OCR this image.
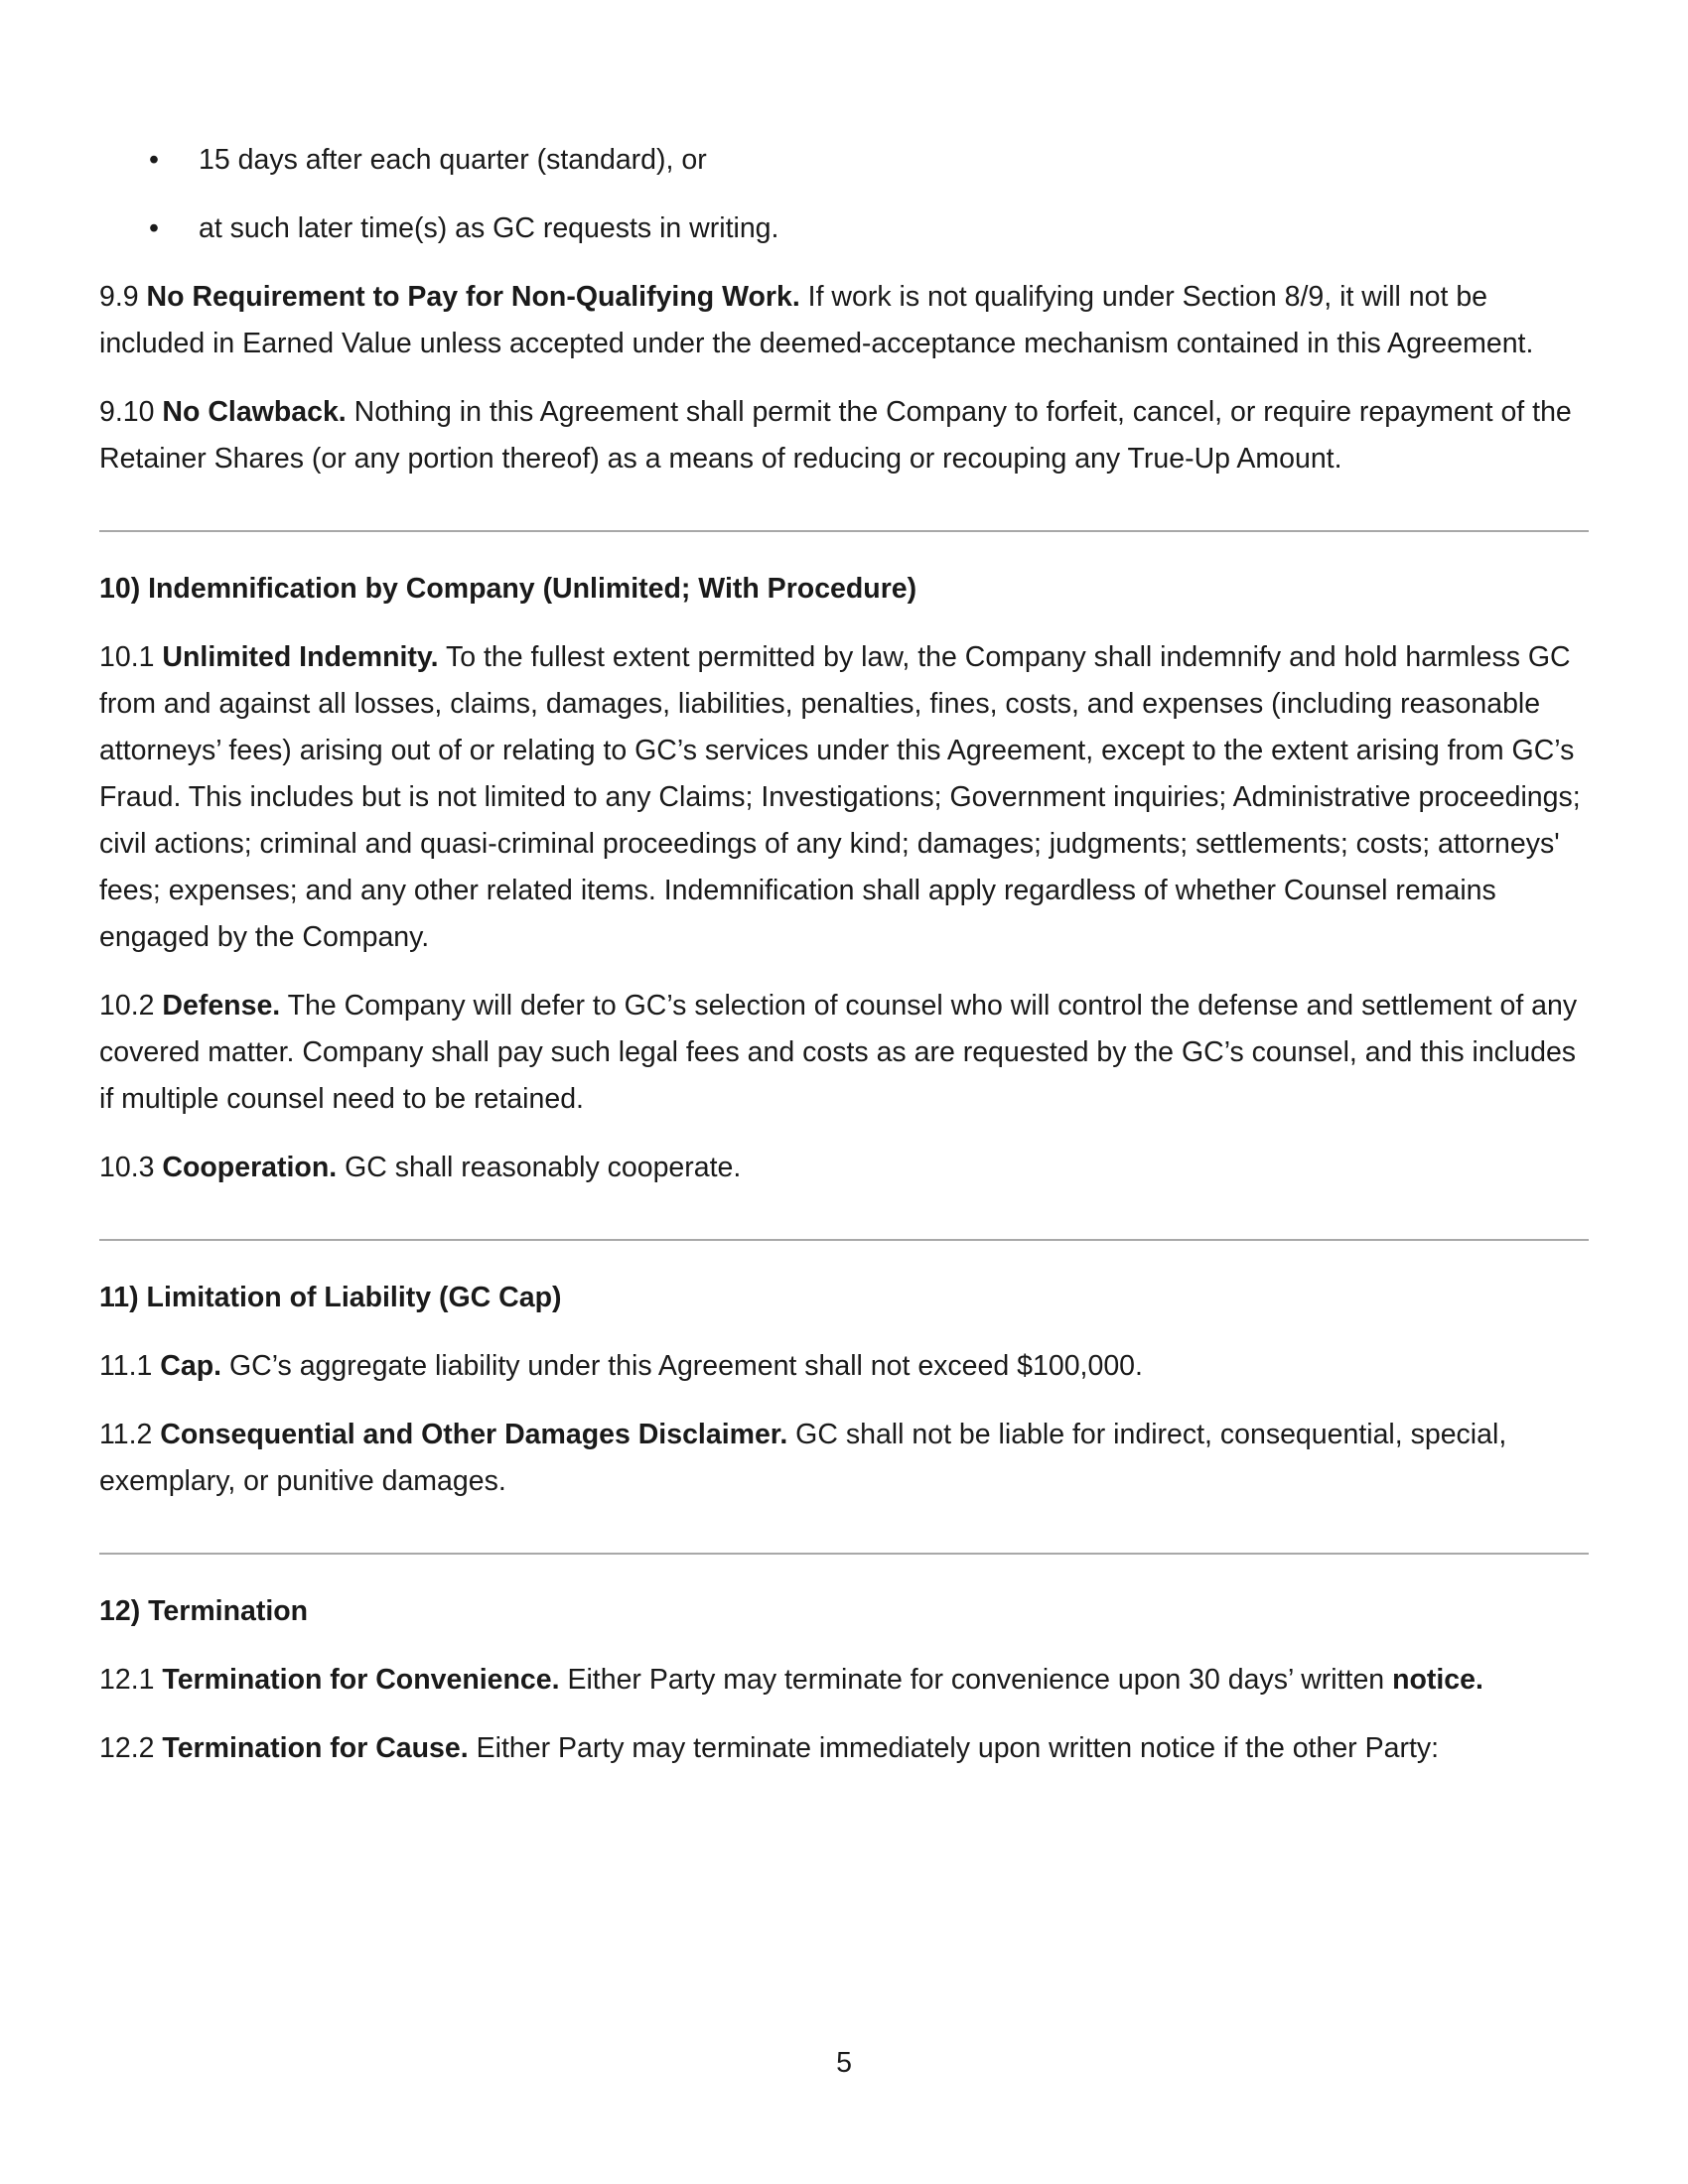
• 15 days after each quarter (standard), or
• at such later time(s) as GC requests in writing.

9.9 No Requirement to Pay for Non-Qualifying Work. If work is not qualifying under Section 8/9, it will not be included in Earned Value unless accepted under the deemed-acceptance mechanism contained in this Agreement.

9.10 No Clawback. Nothing in this Agreement shall permit the Company to forfeit, cancel, or require repayment of the Retainer Shares (or any portion thereof) as a means of reducing or recouping any True-Up Amount.

10) Indemnification by Company (Unlimited; With Procedure)

10.1 Unlimited Indemnity. To the fullest extent permitted by law, the Company shall indemnify and hold harmless GC from and against all losses, claims, damages, liabilities, penalties, fines, costs, and expenses (including reasonable attorneys’ fees) arising out of or relating to GC’s services under this Agreement, except to the extent arising from GC’s Fraud. This includes but is not limited to any Claims; Investigations; Government inquiries; Administrative proceedings; civil actions; criminal and quasi-criminal proceedings of any kind; damages; judgments; settlements; costs; attorneys' fees; expenses; and any other related items. Indemnification shall apply regardless of whether Counsel remains engaged by the Company.

10.2 Defense. The Company will defer to GC’s selection of counsel who will control the defense and settlement of any covered matter. Company shall pay such legal fees and costs as are requested by the GC’s counsel, and this includes if multiple counsel need to be retained.

10.3 Cooperation. GC shall reasonably cooperate.

11) Limitation of Liability (GC Cap)

11.1 Cap. GC’s aggregate liability under this Agreement shall not exceed $100,000.

11.2 Consequential and Other Damages Disclaimer. GC shall not be liable for indirect, consequential, special, exemplary, or punitive damages.

12) Termination

12.1 Termination for Convenience. Either Party may terminate for convenience upon 30 days’ written notice.

12.2 Termination for Cause. Either Party may terminate immediately upon written notice if the other Party:

5
